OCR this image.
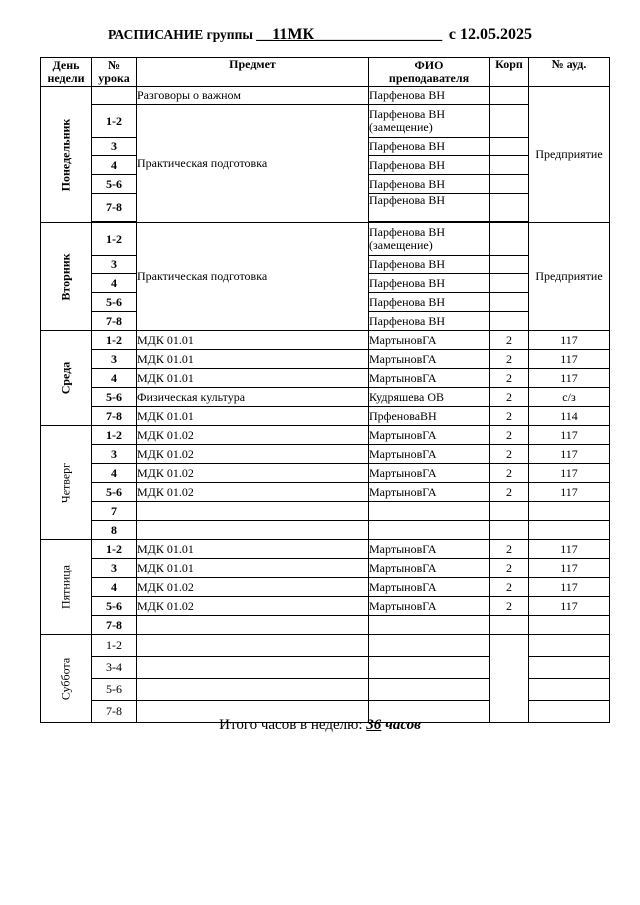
РАСПИСАНИЕ группы __11МК________________ с 12.05.2025
День
недели	№
урока	Предмет	ФИО
преподавателя	Корп	№ ауд.

Понедельник		Разговоры о важном	Парфенова ВН		Предприятие
	1-2	Практическая подготовка	Парфенова ВН
(замещение)		
	3		Парфенова ВН		
	4		Парфенова ВН		
	5-6		Парфенова ВН		
	7-8		Парфенова ВН		

Вторник	1-2	Практическая подготовка	Парфенова ВН
(замещение)		Предприятие
	3		Парфенова ВН		
	4		Парфенова ВН		
	5-6		Парфенова ВН		
	7-8		Парфенова ВН		

Среда	1-2	МДК 01.01	МартыновГА	2	117
	3	МДК 01.01	МартыновГА	2	117
	4	МДК 01.01	МартыновГА	2	117
	5-6	Физическая культура	Кудряшева ОВ	2	с/з
	7-8	МДК 01.01	ПрфеноваВН	2	114

Четверг	1-2	МДК 01.02	МартыновГА	2	117
	3	МДК 01.02	МартыновГА	2	117
	4	МДК 01.02	МартыновГА	2	117
	5-6	МДК 01.02	МартыновГА	2	117
	7				
	8				

Пятница	1-2	МДК 01.01	МартыновГА	2	117
	3	МДК 01.01	МартыновГА	2	117
	4	МДК 01.02	МартыновГА	2	117
	5-6	МДК 01.02	МартыновГА	2	117
	7-8				

Суббота	1-2				
	3-4				
	5-6				
	7-8				
Итого часов в неделю: 36 часов
